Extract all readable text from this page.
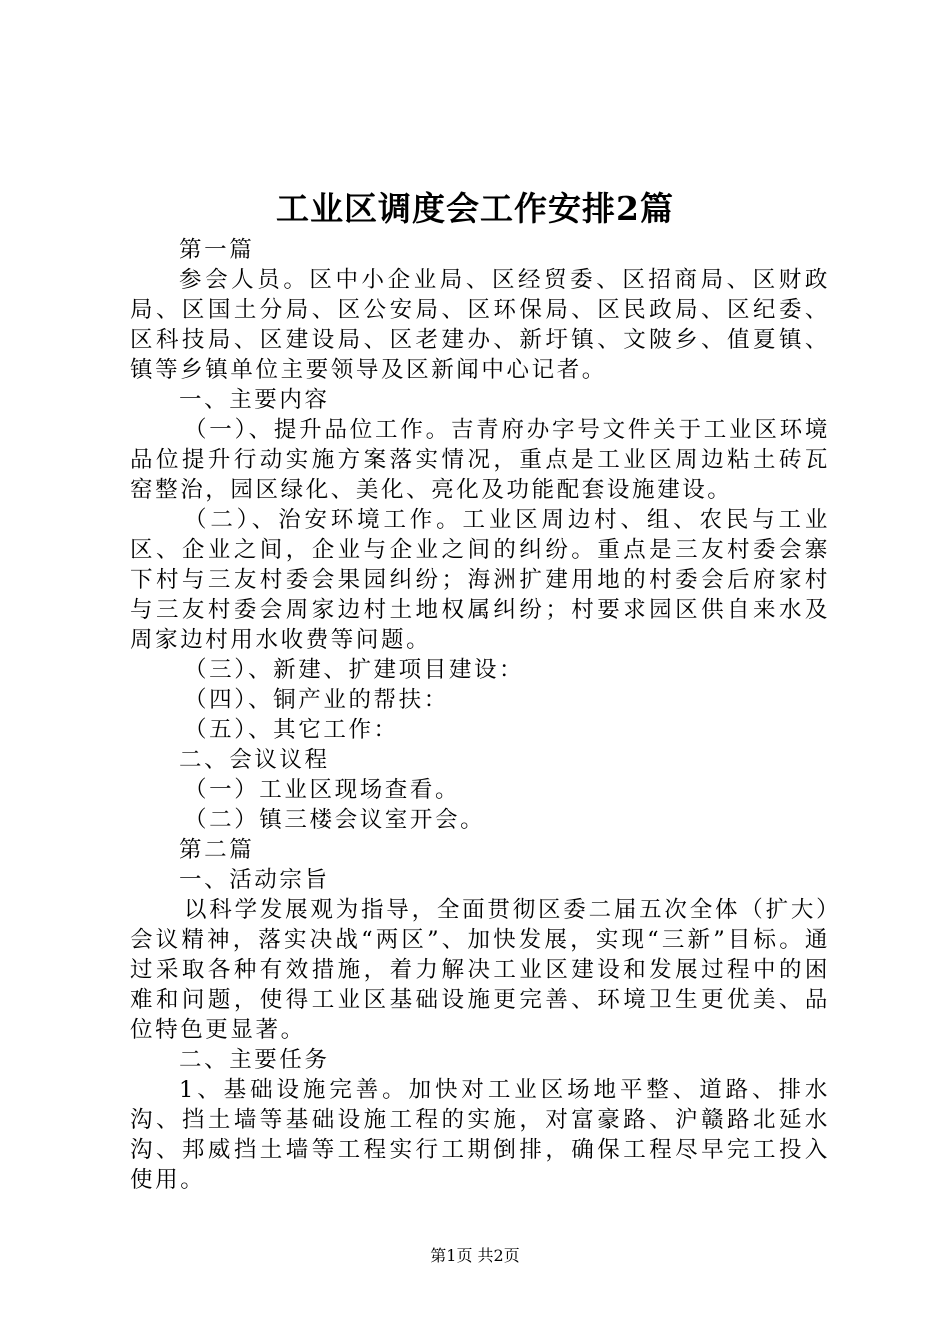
工业区调度会工作安排2篇

第一篇

参会人员。区中小企业局、区经贸委、区招商局、区财政局、区国土分局、区公安局、区环保局、区民政局、区纪委、区科技局、区建设局、区老建办、新圩镇、文陂乡、值夏镇、镇等乡镇单位主要领导及区新闻中心记者。

一、主要内容

（一）、提升品位工作。吉青府办字号文件关于工业区环境品位提升行动实施方案落实情况，重点是工业区周边粘土砖瓦窑整治，园区绿化、美化、亮化及功能配套设施建设。

（二）、治安环境工作。工业区周边村、组、农民与工业区、企业之间，企业与企业之间的纠纷。重点是三友村委会寨下村与三友村委会果园纠纷；海洲扩建用地的村委会后府家村与三友村委会周家边村土地权属纠纷；村要求园区供自来水及周家边村用水收费等问题。

（三）、新建、扩建项目建设：

（四）、铜产业的帮扶：

（五）、其它工作：

二、会议议程

（一）工业区现场查看。

（二）镇三楼会议室开会。

第二篇

一、活动宗旨

以科学发展观为指导，全面贯彻区委二届五次全体（扩大）会议精神，落实决战“两区”、加快发展，实现“三新”目标。通过采取各种有效措施，着力解决工业区建设和发展过程中的困难和问题，使得工业区基础设施更完善、环境卫生更优美、品位特色更显著。

二、主要任务

1、基础设施完善。加快对工业区场地平整、道路、排水沟、挡土墙等基础设施工程的实施，对富豪路、沪赣路北延水沟、邦威挡土墙等工程实行工期倒排，确保工程尽早完工投入使用。

第1页 共2页
